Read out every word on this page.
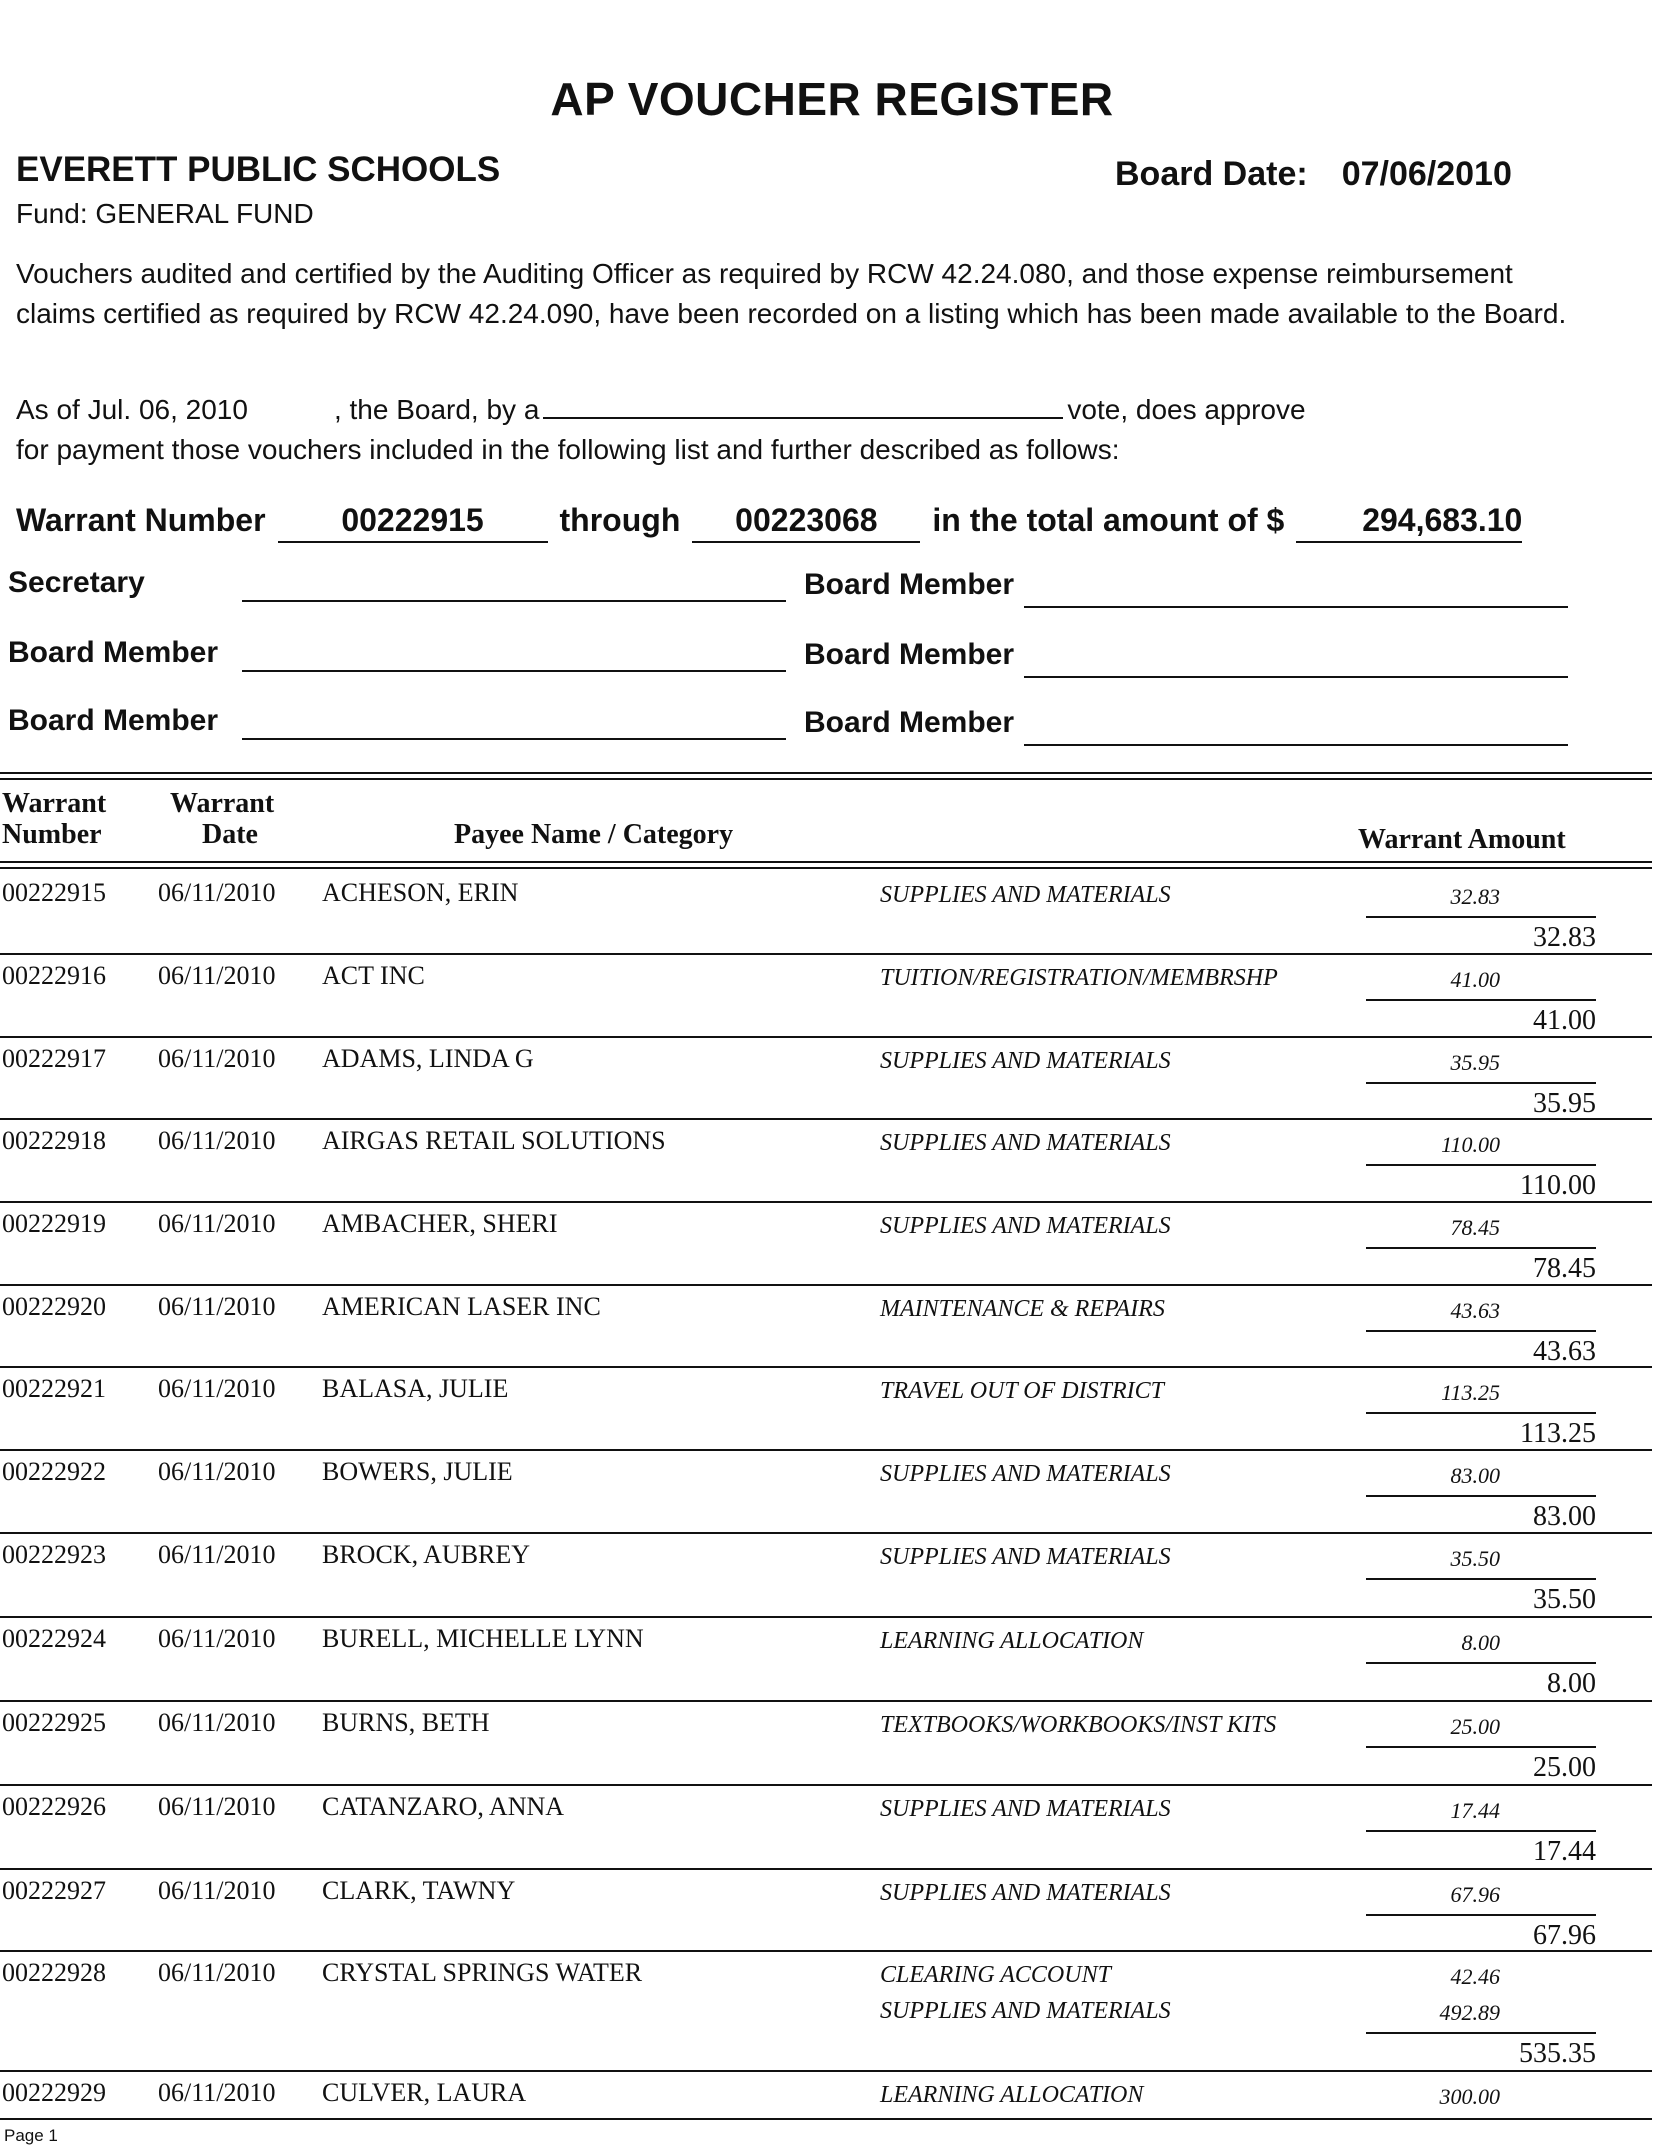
AP VOUCHER REGISTER
EVERETT PUBLIC SCHOOLS
Fund: GENERAL FUND
Board Date: 07/06/2010
Vouchers audited and certified by the Auditing Officer as required by RCW 42.24.080, and those expense reimbursement claims certified as required by RCW 42.24.090, have been recorded on a listing which has been made available to the Board.
As of Jul. 06, 2010	, the Board, by a	vote, does approve
for payment those vouchers included in the following list and further described as follows:
Warrant Number 00222915 through 00223068 in the total amount of $ 294,683.10
Secretary	Board Member
Board Member	Board Member
Board Member	Board Member
Warrant
Number
Warrant
Date	Payee Name / Category	Warrant Amount
00222915 06/11/2010 ACHESON, ERIN	SUPPLIES AND MATERIALS	32.83
32.83
00222916 06/11/2010 ACT INC	TUITION/REGISTRATION/MEMBRSHP	41.00
41.00
00222917 06/11/2010 ADAMS, LINDA G	SUPPLIES AND MATERIALS	35.95
35.95
00222918 06/11/2010 AIRGAS RETAIL SOLUTIONS	SUPPLIES AND MATERIALS	110.00
110.00
00222919 06/11/2010 AMBACHER, SHERI	SUPPLIES AND MATERIALS	78.45
78.45
00222920 06/11/2010 AMERICAN LASER INC	MAINTENANCE & REPAIRS	43.63
43.63
00222921 06/11/2010 BALASA, JULIE	TRAVEL OUT OF DISTRICT	113.25
113.25
00222922 06/11/2010 BOWERS, JULIE	SUPPLIES AND MATERIALS	83.00
83.00
00222923 06/11/2010 BROCK, AUBREY	SUPPLIES AND MATERIALS	35.50
35.50
00222924 06/11/2010 BURELL, MICHELLE LYNN	LEARNING ALLOCATION	8.00
8.00
00222925 06/11/2010 BURNS, BETH	TEXTBOOKS/WORKBOOKS/INST KITS	25.00
25.00
00222926 06/11/2010 CATANZARO, ANNA	SUPPLIES AND MATERIALS	17.44
17.44
00222927 06/11/2010 CLARK, TAWNY	SUPPLIES AND MATERIALS	67.96
67.96
00222928 06/11/2010 CRYSTAL SPRINGS WATER	CLEARING ACCOUNT	42.46
SUPPLIES AND MATERIALS	492.89
535.35
00222929 06/11/2010 CULVER, LAURA	LEARNING ALLOCATION	300.00
Page 1
